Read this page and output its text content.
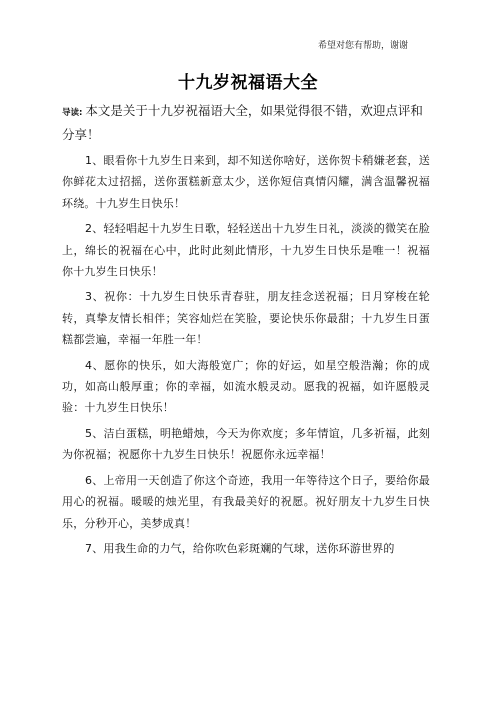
希望对您有帮助，谢谢
十九岁祝福语大全

导读: 本文是关于十九岁祝福语大全，如果觉得很不错，欢迎点评和分享！

1、眼看你十九岁生日来到，却不知送你啥好，送你贺卡稍嫌老套，送你鲜花太过招摇，送你蛋糕新意太少，送你短信真情闪耀，满含温馨祝福环绕。十九岁生日快乐！

2、轻轻唱起十九岁生日歌，轻轻送出十九岁生日礼，淡淡的微笑在脸上，绵长的祝福在心中，此时此刻此情形，十九岁生日快乐是唯一！祝福你十九岁生日快乐！

3、祝你：十九岁生日快乐青春驻，朋友挂念送祝福；日月穿梭在轮转，真挚友情长相伴；笑容灿烂在笑脸，要论快乐你最甜；十九岁生日蛋糕都尝遍，幸福一年胜一年！

4、愿你的快乐，如大海般宽广；你的好运，如星空般浩瀚；你的成功，如高山般厚重；你的幸福，如流水般灵动。愿我的祝福，如许愿般灵验：十九岁生日快乐！

5、洁白蛋糕，明艳蜡烛，今天为你欢度；多年情谊，几多祈福，此刻为你祝福；祝愿你十九岁生日快乐！祝愿你永远幸福！

6、上帝用一天创造了你这个奇迹，我用一年等待这个日子，要给你最用心的祝福。暖暖的烛光里，有我最美好的祝愿。祝好朋友十九岁生日快乐，分秒开心，美梦成真！

7、用我生命的力气，给你吹色彩斑斓的气球，送你环游世界的
